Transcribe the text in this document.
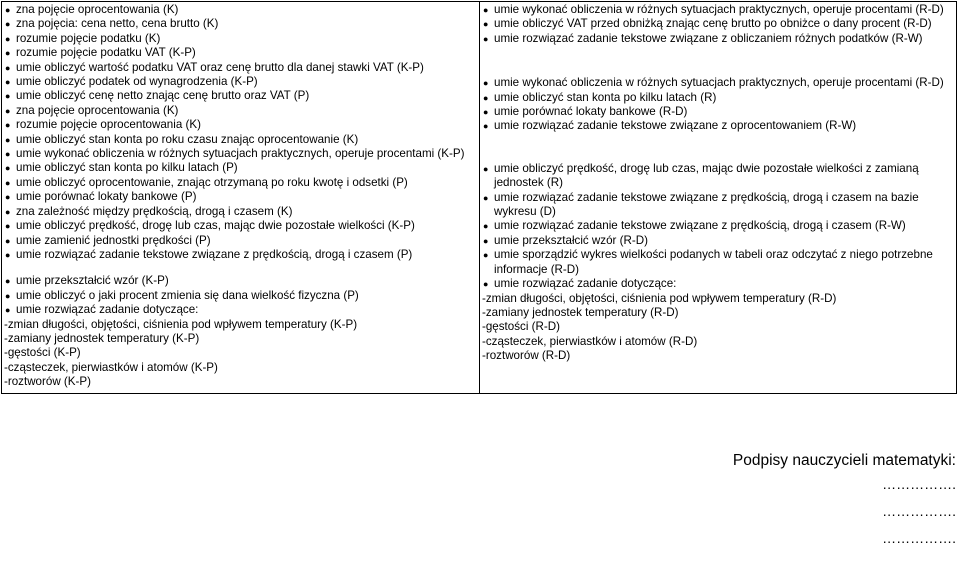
● zna pojęcie oprocentowania (K)
● zna pojęcia: cena netto, cena brutto (K)
● rozumie pojęcie podatku (K)
● rozumie pojęcie podatku VAT (K-P)
● umie obliczyć wartość podatku VAT oraz cenę brutto dla danej stawki VAT (K-P)
● umie obliczyć podatek od wynagrodzenia (K-P)
● umie obliczyć cenę netto znając cenę brutto oraz VAT (P)
● zna pojęcie oprocentowania (K)
● rozumie pojęcie oprocentowania (K)
● umie obliczyć stan konta po roku czasu znając oprocentowanie (K)
● umie wykonać obliczenia w różnych sytuacjach praktycznych, operuje procentami (K-P)
● umie obliczyć stan konta po kilku latach (P)
● umie obliczyć oprocentowanie, znając otrzymaną po roku kwotę i odsetki (P)
● umie porównać lokaty bankowe (P)
● zna zależność między prędkością, drogą i czasem (K)
● umie obliczyć prędkość, drogę lub czas, mając dwie pozostałe wielkości (K-P)
● umie zamienić jednostki prędkości (P)
● umie rozwiązać zadanie tekstowe związane z prędkością, drogą i czasem (P)
● umie przekształcić wzór (K-P)
● umie obliczyć o jaki procent zmienia się dana wielkość fizyczna (P)
● umie rozwiązać zadanie dotyczące:
-zmian długości, objętości, ciśnienia pod wpływem temperatury (K-P)
-zamiany jednostek temperatury (K-P)
-gęstości (K-P)
-cząsteczek, pierwiastków i atomów (K-P)
-roztworów (K-P)

● umie wykonać obliczenia w różnych sytuacjach praktycznych, operuje procentami (R-D)
● umie obliczyć VAT przed obniżką znając cenę brutto po obniżce o dany procent (R-D)
● umie rozwiązać zadanie tekstowe związane z obliczaniem różnych podatków (R-W)
● umie wykonać obliczenia w różnych sytuacjach praktycznych, operuje procentami (R-D)
● umie obliczyć stan konta po kilku latach (R)
● umie porównać lokaty bankowe (R-D)
● umie rozwiązać zadanie tekstowe związane z oprocentowaniem (R-W)
● umie obliczyć prędkość, drogę lub czas, mając dwie pozostałe wielkości z zamianą jednostek (R)
● umie rozwiązać zadanie tekstowe związane z prędkością, drogą i czasem na bazie wykresu (D)
● umie rozwiązać zadanie tekstowe związane z prędkością, drogą i czasem (R-W)
● umie przekształcić wzór (R-D)
● umie sporządzić wykres wielkości podanych w tabeli oraz odczytać z niego potrzebne informacje (R-D)
● umie rozwiązać zadanie dotyczące:
-zmian długości, objętości, ciśnienia pod wpływem temperatury (R-D)
-zamiany jednostek temperatury (R-D)
-gęstości (R-D)
-cząsteczek, pierwiastków i atomów (R-D)
-roztworów (R-D)
Podpisy nauczycieli matematyki:
…………….
…………….
…………….
